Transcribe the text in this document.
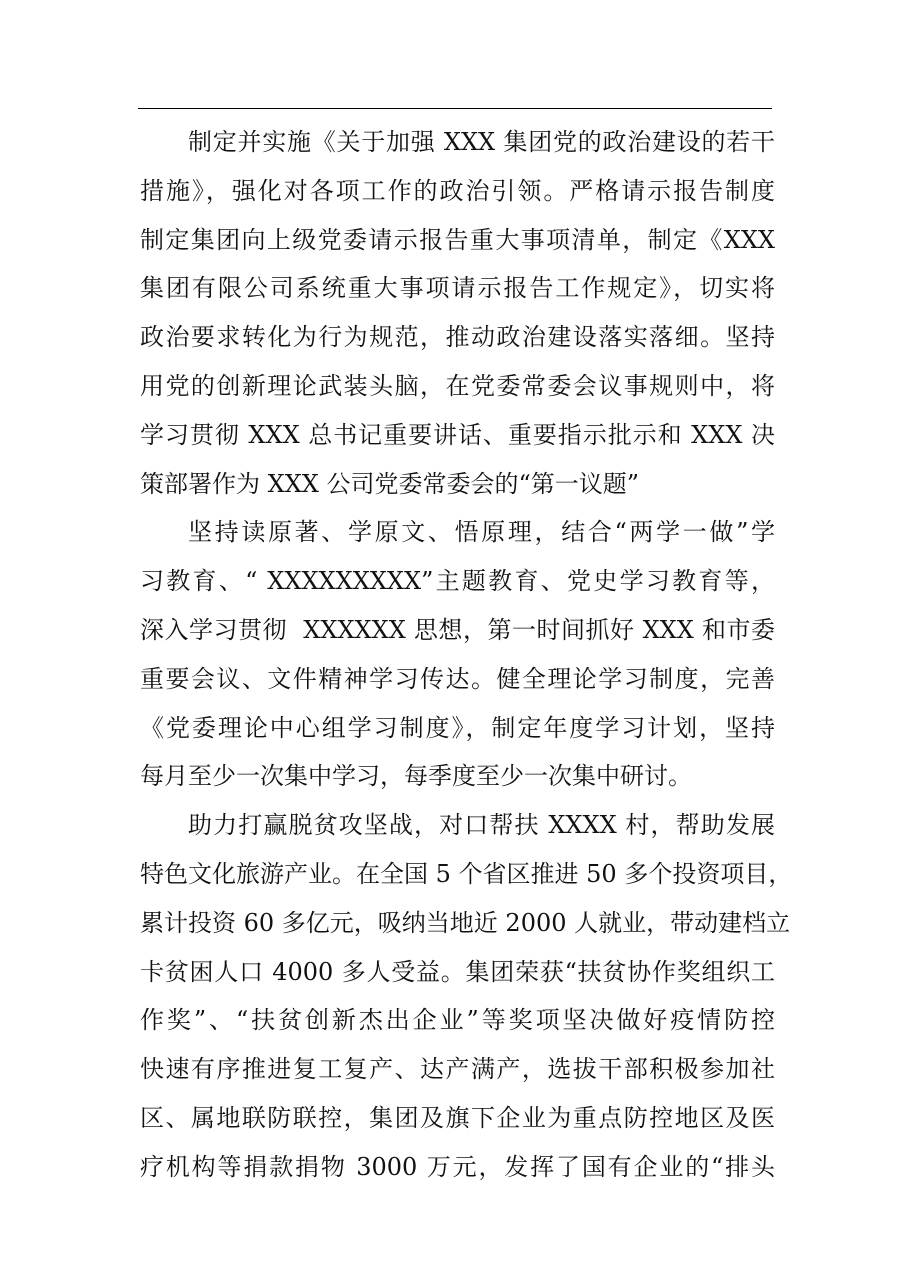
制定并实施《关于加强 XXX 集团党的政治建设的若干
措施》，强化对各项工作的政治引领。严格请示报告制度
制定集团向上级党委请示报告重大事项清单，制定《XXX
集团有限公司系统重大事项请示报告工作规定》，切实将
政治要求转化为行为规范，推动政治建设落实落细。坚持
用党的创新理论武装头脑，在党委常委会议事规则中，将
学习贯彻 XXX 总书记重要讲话、重要指示批示和 XXX 决
策部署作为 XXX 公司党委常委会的“第一议题”
坚持读原著、学原文、悟原理，结合“两学一做”学
习教育、“ XXXXXXXXX”主题教育、党史学习教育等，
深入学习贯彻  XXXXXX 思想，第一时间抓好 XXX 和市委
重要会议、文件精神学习传达。健全理论学习制度，完善
《党委理论中心组学习制度》，制定年度学习计划，坚持
每月至少一次集中学习，每季度至少一次集中研讨。
助力打赢脱贫攻坚战，对口帮扶 XXXX 村，帮助发展
特色文化旅游产业。在全国 5 个省区推进 50 多个投资项目，
累计投资 60 多亿元，吸纳当地近 2000 人就业，带动建档立
卡贫困人口 4000 多人受益。集团荣获“扶贫协作奖组织工
作奖”、“扶贫创新杰出企业”等奖项坚决做好疫情防控
快速有序推进复工复产、达产满产，选拔干部积极参加社
区、属地联防联控，集团及旗下企业为重点防控地区及医
疗机构等捐款捐物 3000 万元，发挥了国有企业的“排头
